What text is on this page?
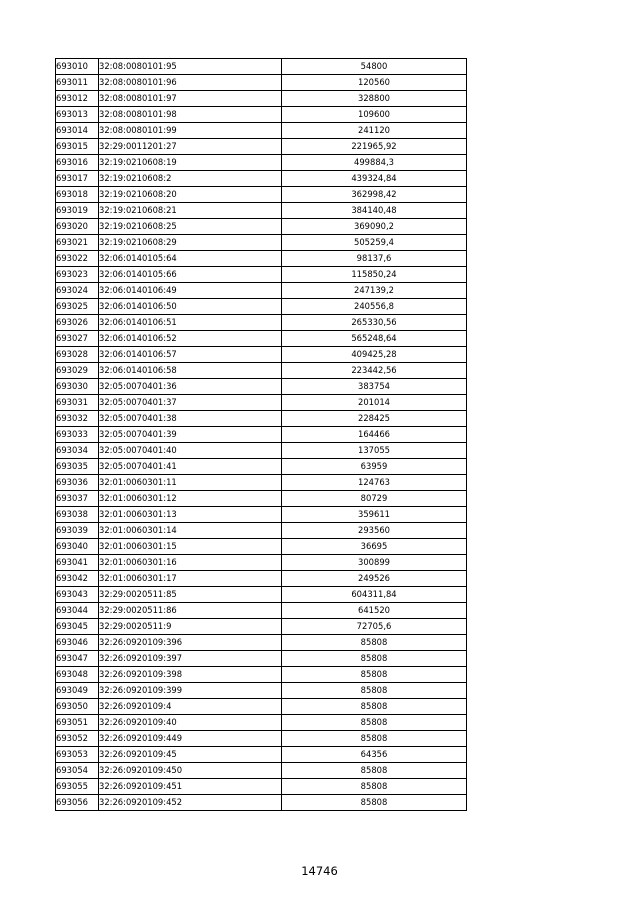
693010	32:08:0080101:95	54800
693011	32:08:0080101:96	120560
693012	32:08:0080101:97	328800
693013	32:08:0080101:98	109600
693014	32:08:0080101:99	241120
693015	32:29:0011201:27	221965,92
693016	32:19:0210608:19	499884,3
693017	32:19:0210608:2	439324,84
693018	32:19:0210608:20	362998,42
693019	32:19:0210608:21	384140,48
693020	32:19:0210608:25	369090,2
693021	32:19:0210608:29	505259,4
693022	32:06:0140105:64	98137,6
693023	32:06:0140105:66	115850,24
693024	32:06:0140106:49	247139,2
693025	32:06:0140106:50	240556,8
693026	32:06:0140106:51	265330,56
693027	32:06:0140106:52	565248,64
693028	32:06:0140106:57	409425,28
693029	32:06:0140106:58	223442,56
693030	32:05:0070401:36	383754
693031	32:05:0070401:37	201014
693032	32:05:0070401:38	228425
693033	32:05:0070401:39	164466
693034	32:05:0070401:40	137055
693035	32:05:0070401:41	63959
693036	32:01:0060301:11	124763
693037	32:01:0060301:12	80729
693038	32:01:0060301:13	359611
693039	32:01:0060301:14	293560
693040	32:01:0060301:15	36695
693041	32:01:0060301:16	300899
693042	32:01:0060301:17	249526
693043	32:29:0020511:85	604311,84
693044	32:29:0020511:86	641520
693045	32:29:0020511:9	72705,6
693046	32:26:0920109:396	85808
693047	32:26:0920109:397	85808
693048	32:26:0920109:398	85808
693049	32:26:0920109:399	85808
693050	32:26:0920109:4	85808
693051	32:26:0920109:40	85808
693052	32:26:0920109:449	85808
693053	32:26:0920109:45	64356
693054	32:26:0920109:450	85808
693055	32:26:0920109:451	85808
693056	32:26:0920109:452	85808
14746
